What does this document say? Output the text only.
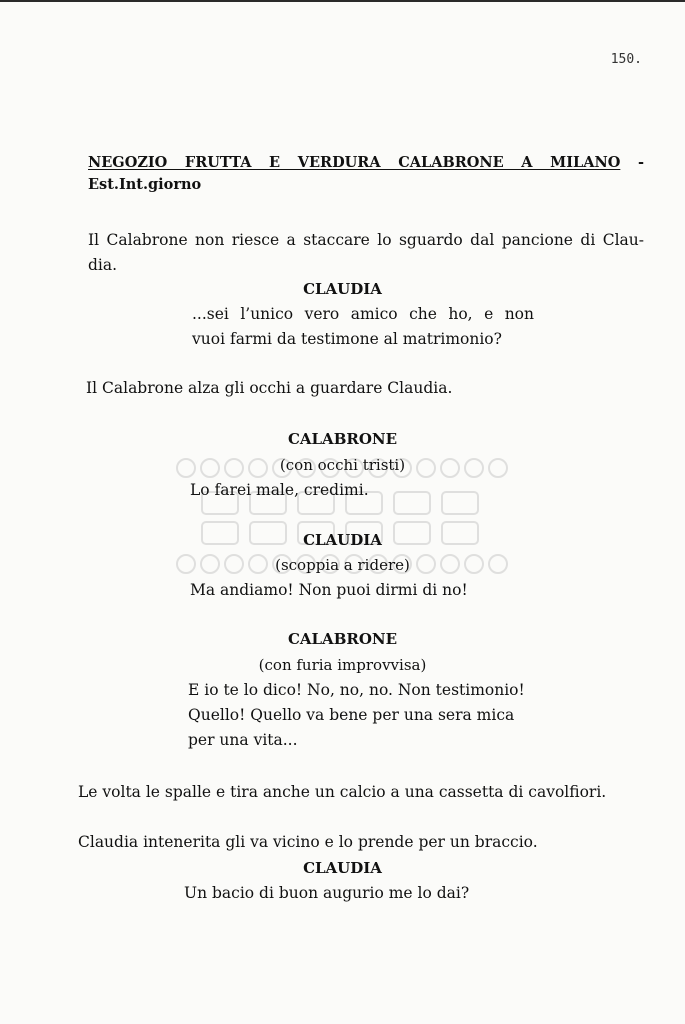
150.
NEGOZIO FRUTTA E VERDURA CALABRONE A MILANO -
Est.Int.giorno
Il Calabrone non riesce a staccare lo sguardo dal pancione di Clau-
dia.
CLAUDIA
...sei l’unico vero amico che ho, e non
vuoi farmi da testimone al matrimonio?
Il Calabrone alza gli occhi a guardare Claudia.
CALABRONE
(con occhi tristi)
Lo farei male, credimi.
CLAUDIA
(scoppia a ridere)
Ma andiamo! Non puoi dirmi di no!
CALABRONE
(con furia improvvisa)
E io te lo dico! No, no, no. Non testimonio!
Quello! Quello va bene per una sera mica
per una vita...
Le volta le spalle e tira anche un calcio a una cassetta di cavolfiori.
Claudia intenerita gli va vicino e lo prende per un braccio.
CLAUDIA
Un bacio di buon augurio me lo dai?
